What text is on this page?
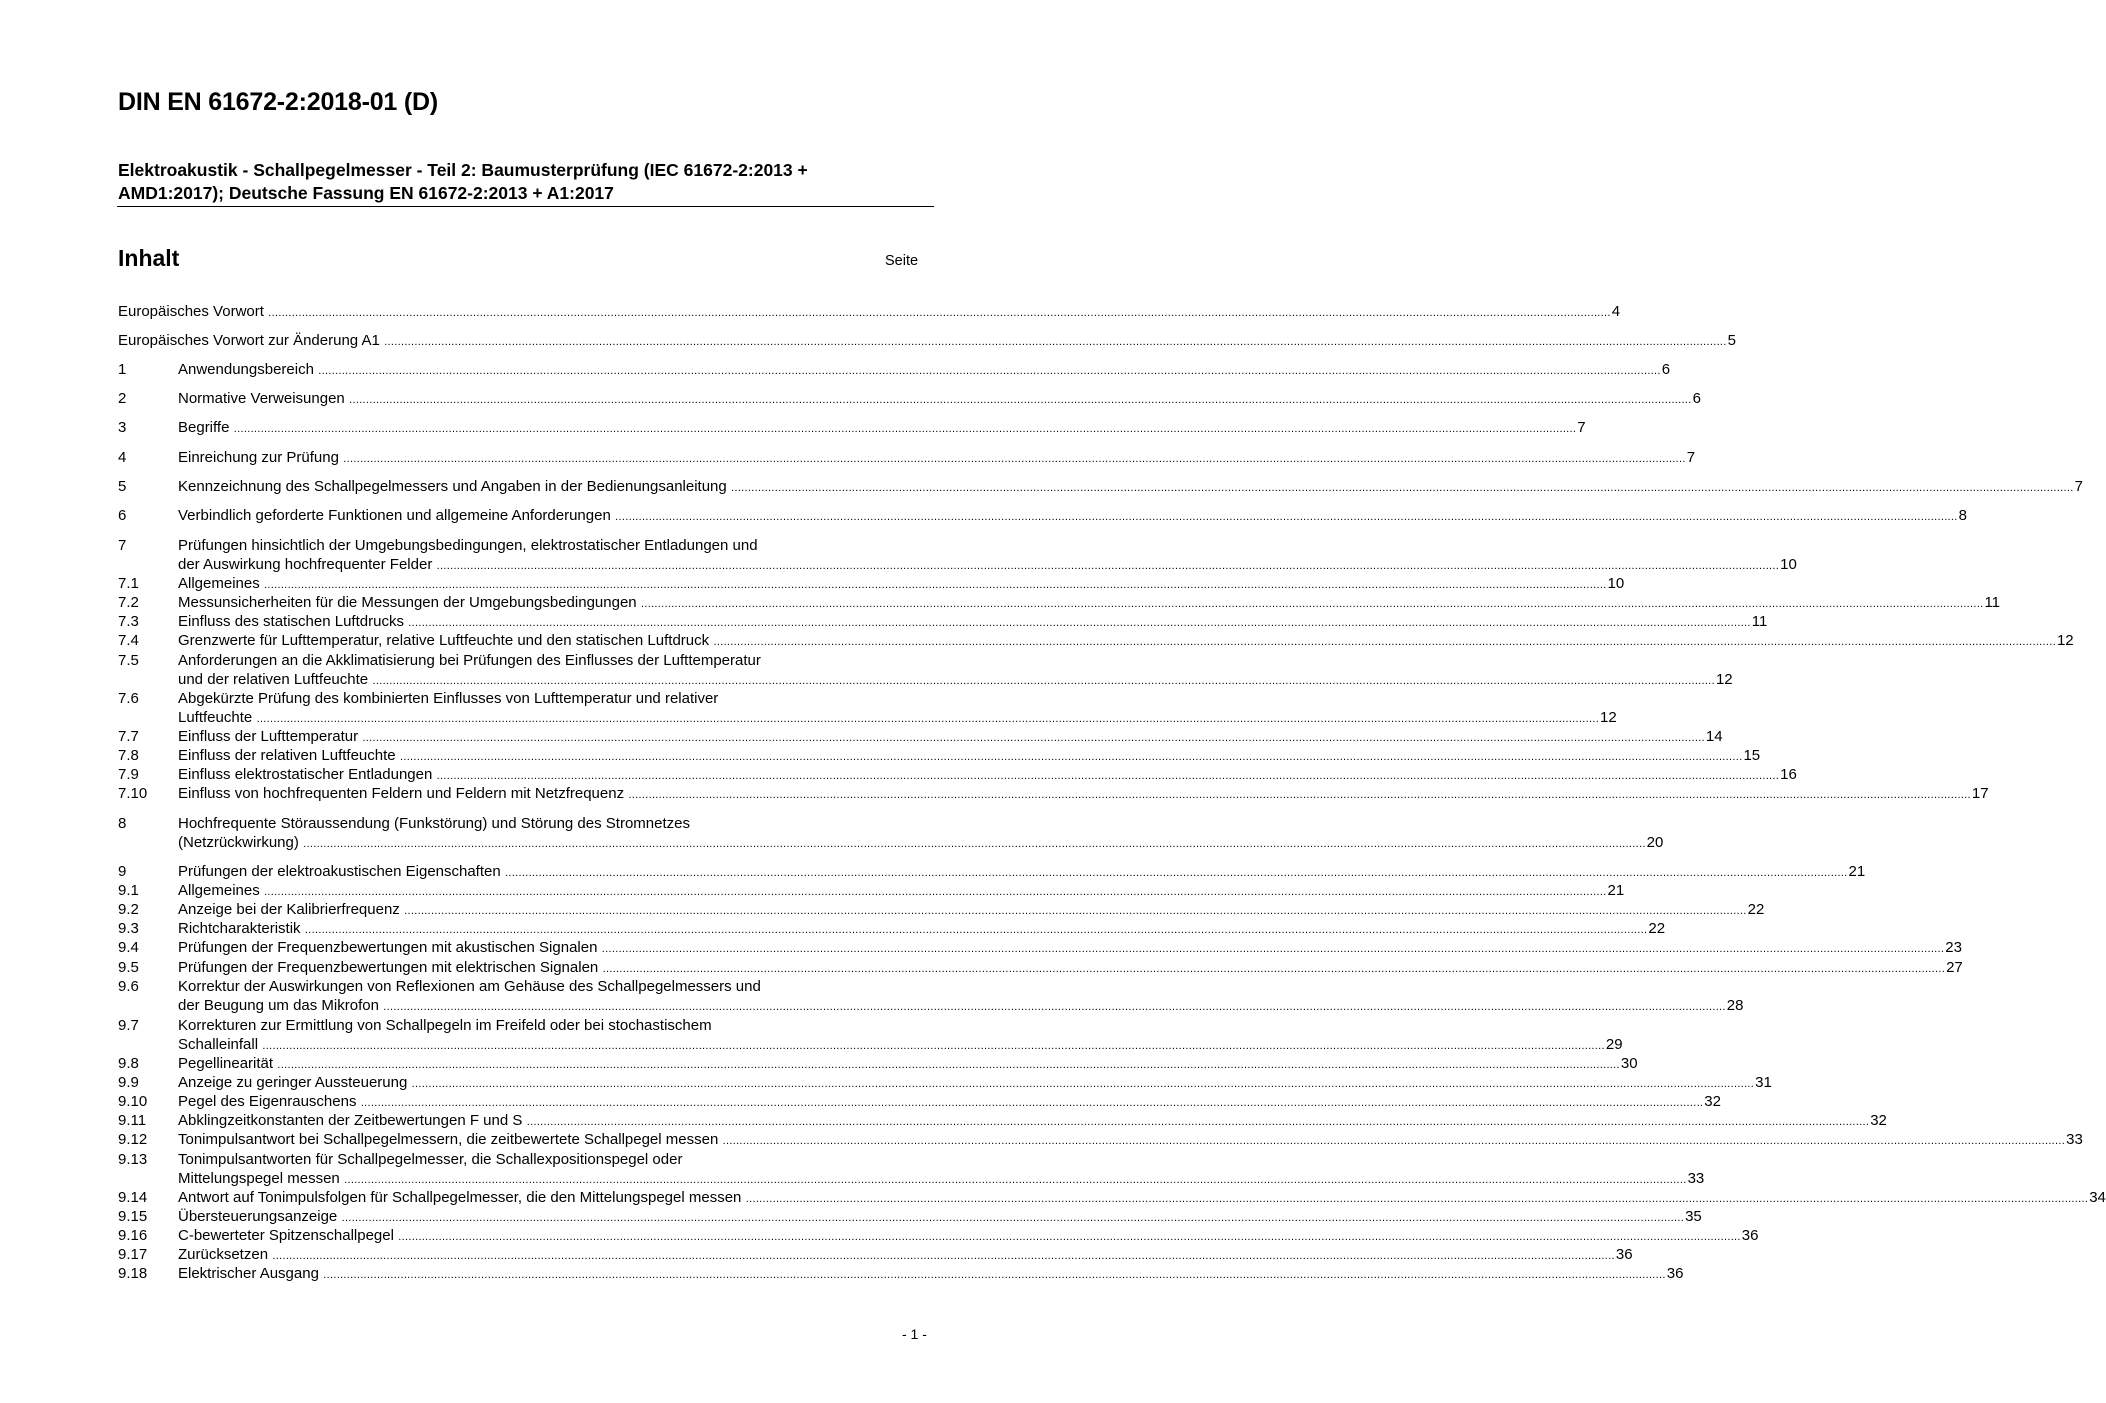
DIN EN 61672-2:2018-01 (D)
Elektroakustik - Schallpegelmesser - Teil 2: Baumusterprüfung (IEC 61672-2:2013 +
AMD1:2017); Deutsche Fassung EN 61672-2:2013 + A1:2017
Inhalt	Seite
Europäisches Vorwort ................................................................................................................................................................................................................................................................................................................................................................................................................4
Europäisches Vorwort zur Änderung A1 ................................................................................................................................................................................................................................................................................................................................................................................................................5
1	Anwendungsbereich ................................................................................................................................................................................................................................................................................................................................................................................................................6
2	Normative Verweisungen ................................................................................................................................................................................................................................................................................................................................................................................................................6
3	Begriffe ................................................................................................................................................................................................................................................................................................................................................................................................................7
4	Einreichung zur Prüfung ................................................................................................................................................................................................................................................................................................................................................................................................................7
5	Kennzeichnung des Schallpegelmessers und Angaben in der Bedienungsanleitung ................................................................................................................................................................................................................................................................................................................................................................................................................7
6	Verbindlich geforderte Funktionen und allgemeine Anforderungen ................................................................................................................................................................................................................................................................................................................................................................................................................8
7	Prüfungen hinsichtlich der Umgebungsbedingungen, elektrostatischer Entladungen und
der Auswirkung hochfrequenter Felder ................................................................................................................................................................................................................................................................................................................................................................................................................10
7.1	Allgemeines ................................................................................................................................................................................................................................................................................................................................................................................................................10
7.2	Messunsicherheiten für die Messungen der Umgebungsbedingungen ................................................................................................................................................................................................................................................................................................................................................................................................................11
7.3	Einfluss des statischen Luftdrucks ................................................................................................................................................................................................................................................................................................................................................................................................................11
7.4	Grenzwerte für Lufttemperatur, relative Luftfeuchte und den statischen Luftdruck ................................................................................................................................................................................................................................................................................................................................................................................................................12
7.5	Anforderungen an die Akklimatisierung bei Prüfungen des Einflusses der Lufttemperatur
und der relativen Luftfeuchte ................................................................................................................................................................................................................................................................................................................................................................................................................12
7.6	Abgekürzte Prüfung des kombinierten Einflusses von Lufttemperatur und relativer
Luftfeuchte ................................................................................................................................................................................................................................................................................................................................................................................................................12
7.7	Einfluss der Lufttemperatur ................................................................................................................................................................................................................................................................................................................................................................................................................14
7.8	Einfluss der relativen Luftfeuchte ................................................................................................................................................................................................................................................................................................................................................................................................................15
7.9	Einfluss elektrostatischer Entladungen ................................................................................................................................................................................................................................................................................................................................................................................................................16
7.10 Einfluss von hochfrequenten Feldern und Feldern mit Netzfrequenz ................................................................................................................................................................................................................................................................................................................................................................................................................17
8	Hochfrequente Störaussendung (Funkstörung) und Störung des Stromnetzes
(Netzrückwirkung) ................................................................................................................................................................................................................................................................................................................................................................................................................20
9	Prüfungen der elektroakustischen Eigenschaften ................................................................................................................................................................................................................................................................................................................................................................................................................21
9.1	Allgemeines ................................................................................................................................................................................................................................................................................................................................................................................................................21
9.2	Anzeige bei der Kalibrierfrequenz ................................................................................................................................................................................................................................................................................................................................................................................................................22
9.3	Richtcharakteristik ................................................................................................................................................................................................................................................................................................................................................................................................................22
9.4	Prüfungen der Frequenzbewertungen mit akustischen Signalen ................................................................................................................................................................................................................................................................................................................................................................................................................23
9.5	Prüfungen der Frequenzbewertungen mit elektrischen Signalen ................................................................................................................................................................................................................................................................................................................................................................................................................27
9.6	Korrektur der Auswirkungen von Reflexionen am Gehäuse des Schallpegelmessers und
der Beugung um das Mikrofon ................................................................................................................................................................................................................................................................................................................................................................................................................28
9.7	Korrekturen zur Ermittlung von Schallpegeln im Freifeld oder bei stochastischem
Schalleinfall ................................................................................................................................................................................................................................................................................................................................................................................................................29
9.8	Pegellinearität ................................................................................................................................................................................................................................................................................................................................................................................................................30
9.9	Anzeige zu geringer Aussteuerung ................................................................................................................................................................................................................................................................................................................................................................................................................31
9.10 Pegel des Eigenrauschens ................................................................................................................................................................................................................................................................................................................................................................................................................32
9.11 Abklingzeitkonstanten der Zeitbewertungen F und S ................................................................................................................................................................................................................................................................................................................................................................................................................32
9.12 Tonimpulsantwort bei Schallpegelmessern, die zeitbewertete Schallpegel messen ................................................................................................................................................................................................................................................................................................................................................................................................................33
9.13 Tonimpulsantworten für Schallpegelmesser, die Schallexpositionspegel oder
Mittelungspegel messen ................................................................................................................................................................................................................................................................................................................................................................................................................33
9.14 Antwort auf Tonimpulsfolgen für Schallpegelmesser, die den Mittelungspegel messen ................................................................................................................................................................................................................................................................................................................................................................................................................34
9.15 Übersteuerungsanzeige ................................................................................................................................................................................................................................................................................................................................................................................................................35
9.16 C-bewerteter Spitzenschallpegel ................................................................................................................................................................................................................................................................................................................................................................................................................36
9.17 Zurücksetzen ................................................................................................................................................................................................................................................................................................................................................................................................................36
9.18 Elektrischer Ausgang ................................................................................................................................................................................................................................................................................................................................................................................................................36
- 1 -
